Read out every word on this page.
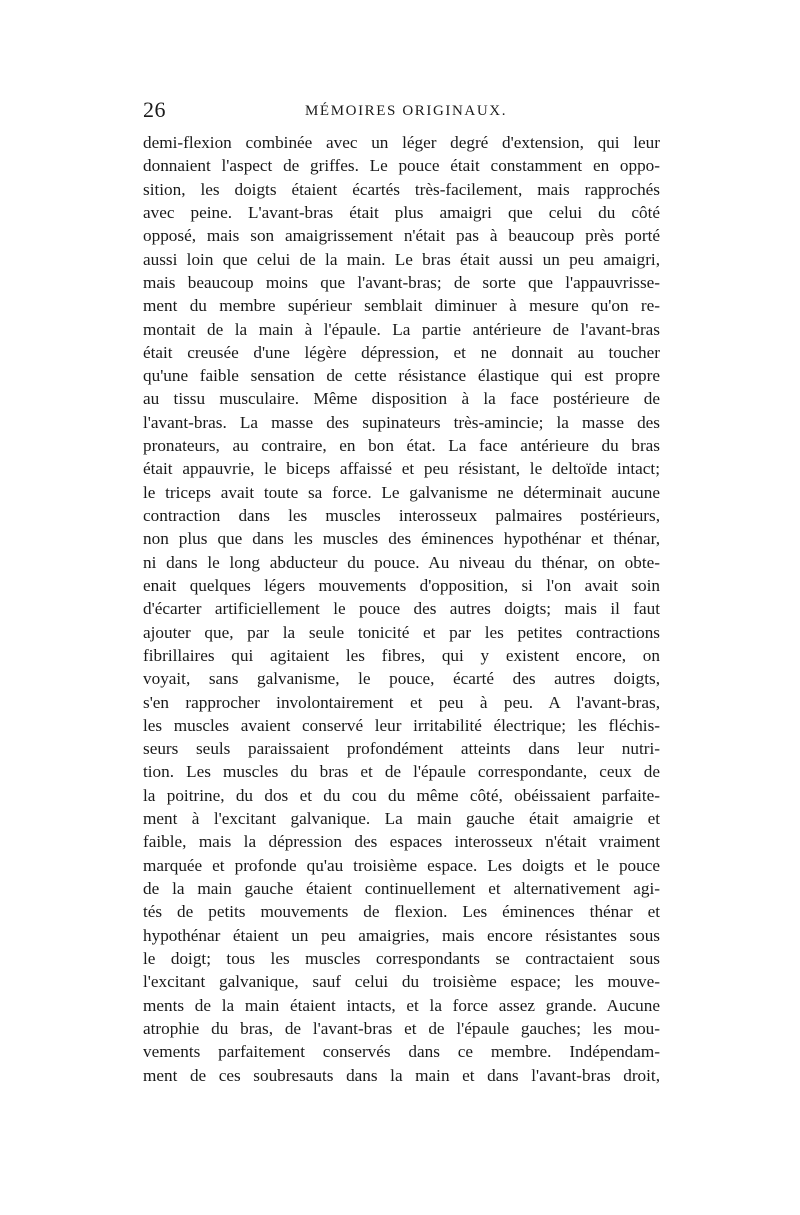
26	MÉMOIRES ORIGINAUX.
demi-flexion combinée avec un léger degré d'extension, qui leur
donnaient l'aspect de griffes. Le pouce était constamment en oppo-
sition, les doigts étaient écartés très-facilement, mais rapprochés
avec peine. L'avant-bras était plus amaigri que celui du côté
opposé, mais son amaigrissement n'était pas à beaucoup près porté
aussi loin que celui de la main. Le bras était aussi un peu amaigri,
mais beaucoup moins que l'avant-bras; de sorte que l'appauvrisse-
ment du membre supérieur semblait diminuer à mesure qu'on re-
montait de la main à l'épaule. La partie antérieure de l'avant-bras
était creusée d'une légère dépression, et ne donnait au toucher
qu'une faible sensation de cette résistance élastique qui est propre
au tissu musculaire. Même disposition à la face postérieure de
l'avant-bras. La masse des supinateurs très-amincie; la masse des
pronateurs, au contraire, en bon état. La face antérieure du bras
était appauvrie, le biceps affaissé et peu résistant, le deltoïde intact;
le triceps avait toute sa force. Le galvanisme ne déterminait aucune
contraction dans les muscles interosseux palmaires postérieurs,
non plus que dans les muscles des éminences hypothénar et thénar,
ni dans le long abducteur du pouce. Au niveau du thénar, on obte-
enait quelques légers mouvements d'opposition, si l'on avait soin
d'écarter artificiellement le pouce des autres doigts; mais il faut
ajouter que, par la seule tonicité et par les petites contractions
fibrillaires qui agitaient les fibres, qui y existent encore, on
voyait, sans galvanisme, le pouce, écarté des autres doigts,
s'en rapprocher involontairement et peu à peu. A l'avant-bras,
les muscles avaient conservé leur irritabilité électrique; les fléchis-
seurs seuls paraissaient profondément atteints dans leur nutri-
tion. Les muscles du bras et de l'épaule correspondante, ceux de
la poitrine, du dos et du cou du même côté, obéissaient parfaite-
ment à l'excitant galvanique. La main gauche était amaigrie et
faible, mais la dépression des espaces interosseux n'était vraiment
marquée et profonde qu'au troisième espace. Les doigts et le pouce
de la main gauche étaient continuellement et alternativement agi-
tés de petits mouvements de flexion. Les éminences thénar et
hypothénar étaient un peu amaigries, mais encore résistantes sous
le doigt; tous les muscles correspondants se contractaient sous
l'excitant galvanique, sauf celui du troisième espace; les mouve-
ments de la main étaient intacts, et la force assez grande. Aucune
atrophie du bras, de l'avant-bras et de l'épaule gauches; les mou-
vements parfaitement conservés dans ce membre. Indépendam-
ment de ces soubresauts dans la main et dans l'avant-bras droit,
